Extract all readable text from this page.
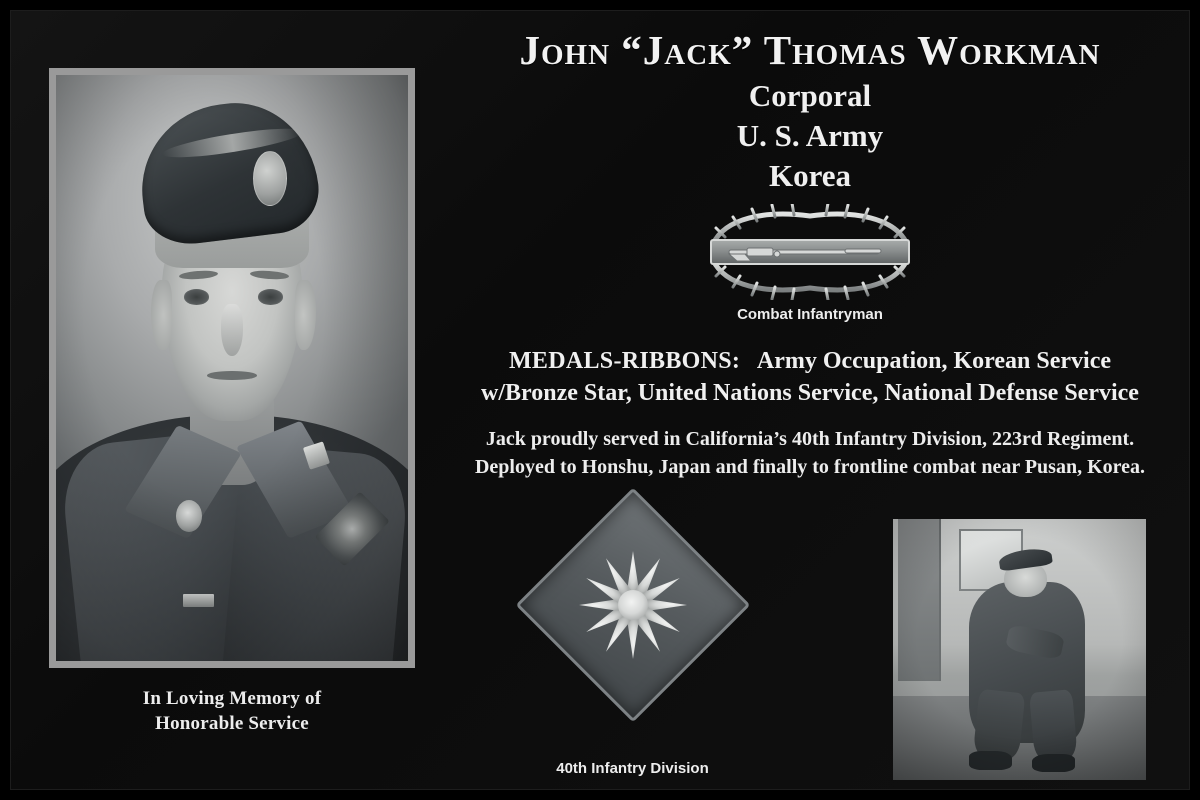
In Loving Memory of
Honorable Service
John “Jack” Thomas Workman
Corporal
U. S. Army
Korea
Combat Infantryman
MEDALS-RIBBONS: Army Occupation, Korean Service
w/Bronze Star, United Nations Service, National Defense Service
Jack proudly served in California’s 40th Infantry Division, 223rd Regiment. Deployed to Honshu, Japan and finally to frontline combat near Pusan, Korea.
40th Infantry Division
